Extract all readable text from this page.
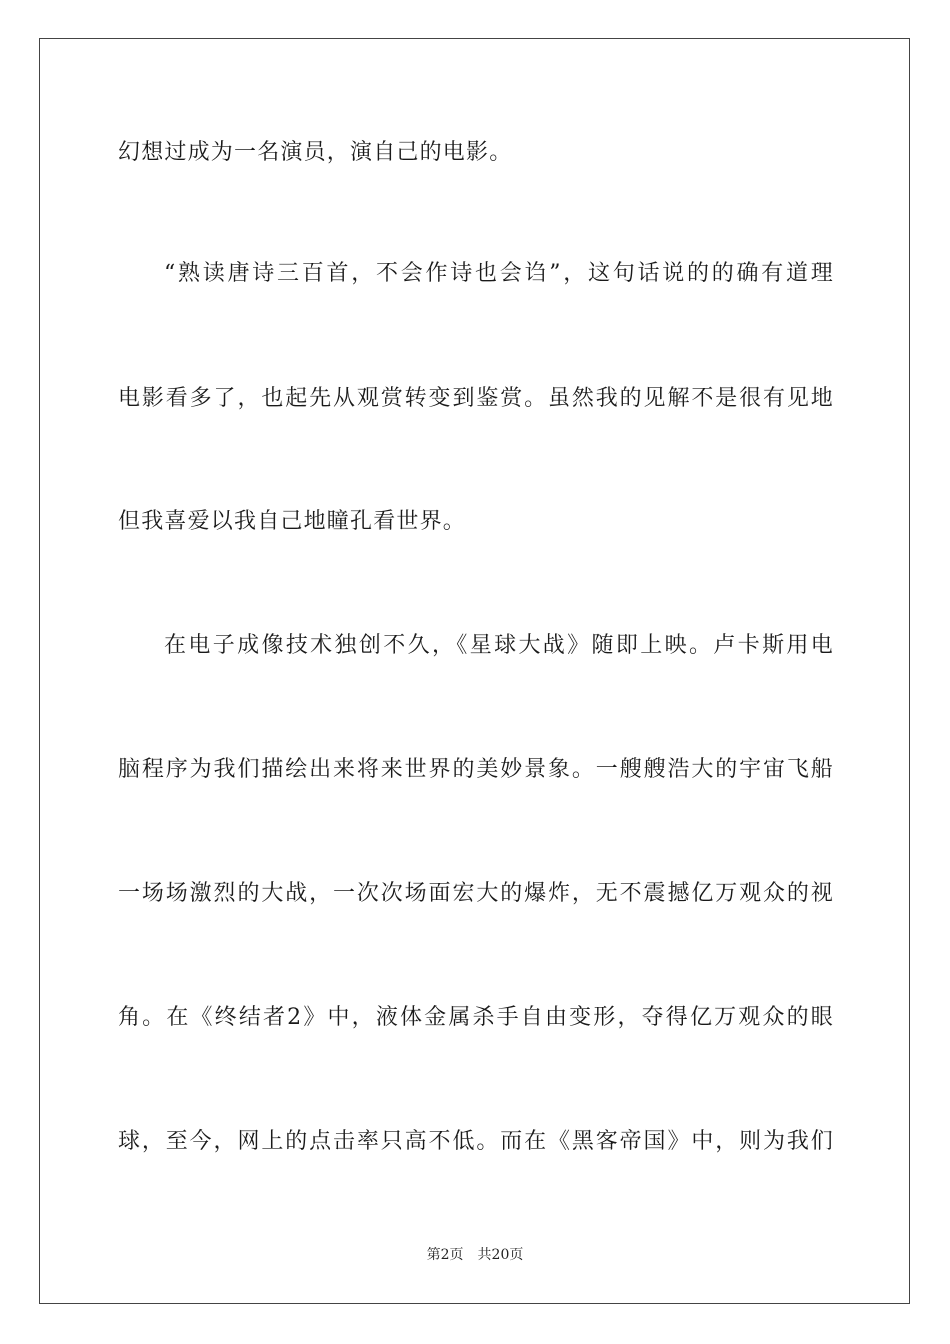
幻想过成为一名演员，演自己的电影。
“熟读唐诗三百首，不会作诗也会诌”，这句话说的的确有道理
电影看多了，也起先从观赏转变到鉴赏。虽然我的见解不是很有见地
但我喜爱以我自己地瞳孔看世界。
在电子成像技术独创不久，《星球大战》随即上映。卢卡斯用电
脑程序为我们描绘出来将来世界的美妙景象。一艘艘浩大的宇宙飞船
一场场激烈的大战，一次次场面宏大的爆炸，无不震撼亿万观众的视
角。在《终结者2》中，液体金属杀手自由变形，夺得亿万观众的眼
球，至今，网上的点击率只高不低。而在《黑客帝国》中，则为我们
第2页 共20页
